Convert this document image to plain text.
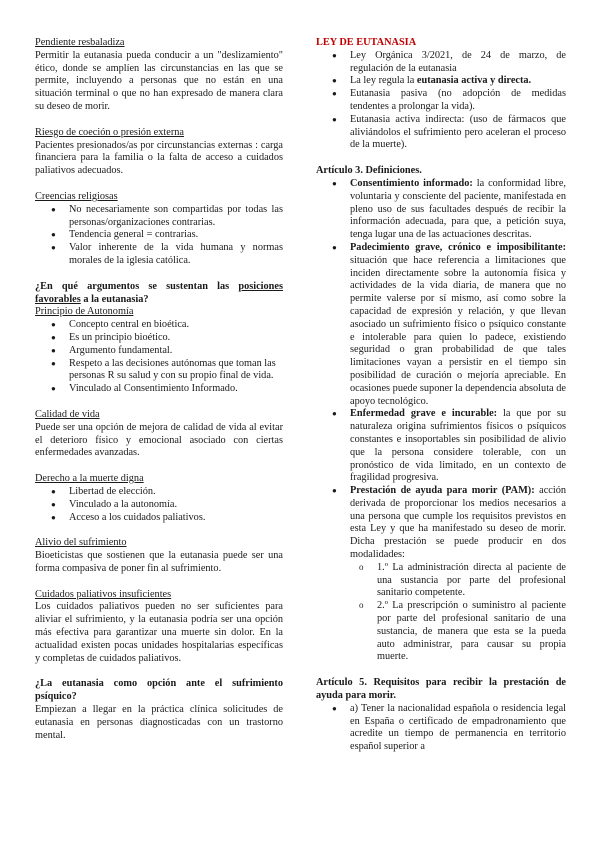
Pendiente resbaladiza

Permitir la eutanasia pueda conducir a un "deslizamiento" ético, donde se amplíen las circunstancias en las que se permite, incluyendo a personas que no están en una situación terminal o que no han expresado de manera clara su deseo de morir.

Riesgo de coeción o presión externa

Pacientes presionados/as por circunstancias externas : carga financiera para la familia o la falta de acceso a cuidados paliativos adecuados.

Creencias religiosas

● No necesariamente son compartidas por todas las personas/organizaciones contrarias.
● Tendencia general = contrarias.
● Valor inherente de la vida humana y normas morales de la iglesia católica.

¿En qué argumentos se sustentan las posiciones favorables a la eutanasia?

Principio de Autonomía

● Concepto central en bioética.
● Es un principio bioético.
● Argumento fundamental.
● Respeto a las decisiones autónomas que toman las personas R su salud y con su propio final de vida.
● Vinculado al Consentimiento Informado.

Calidad de vida

Puede ser una opción de mejora de calidad de vida al evitar el deterioro físico y emocional asociado con ciertas enfermedades avanzadas.

Derecho a la muerte digna

● Libertad de elección.
● Vinculado a la autonomía.
● Acceso a los cuidados paliativos.

Alivio del sufrimiento

Bioeticistas que sostienen que la eutanasia puede ser una forma compasiva de poner fin al sufrimiento.

Cuidados paliativos insuficientes

Los cuidados paliativos pueden no ser suficientes para aliviar el sufrimiento, y la eutanasia podría ser una opción más efectiva para garantizar una muerte sin dolor. En la actualidad existen pocas unidades hospitalarias específicas y completas de cuidados paliativos.

¿La eutanasia como opción ante el sufrimiento psíquico?

Empiezan a llegar en la práctica clínica solicitudes de eutanasia en personas diagnosticadas con un trastorno mental.

LEY DE EUTANASIA

● Ley Orgánica 3/2021, de 24 de marzo, de regulación de la eutanasia
● La ley regula la eutanasia activa y directa.
● Eutanasia pasiva (no adopción de medidas tendentes a prolongar la vida).
● Eutanasia activa indirecta: (uso de fármacos que aliviándolos el sufrimiento pero aceleran el proceso de la muerte).

Artículo 3. Definiciones.

● Consentimiento informado: la conformidad libre, voluntaria y consciente del paciente, manifestada en pleno uso de sus facultades después de recibir la información adecuada, para que, a petición suya, tenga lugar una de las actuaciones descritas.
● Padecimiento grave, crónico e imposibilitante: situación que hace referencia a limitaciones que inciden directamente sobre la autonomía física y actividades de la vida diaria, de manera que no permite valerse por sí mismo, así como sobre la capacidad de expresión y relación, y que llevan asociado un sufrimiento físico o psíquico constante e intolerable para quien lo padece, existiendo seguridad o gran probabilidad de que tales limitaciones vayan a persistir en el tiempo sin posibilidad de curación o mejoría apreciable. En ocasiones puede suponer la dependencia absoluta de apoyo tecnológico.
● Enfermedad grave e incurable: la que por su naturaleza origina sufrimientos físicos o psíquicos constantes e insoportables sin posibilidad de alivio que la persona considere tolerable, con un pronóstico de vida limitado, en un contexto de fragilidad progresiva.
● Prestación de ayuda para morir (PAM): acción derivada de proporcionar los medios necesarios a una persona que cumple los requisitos previstos en esta Ley y que ha manifestado su deseo de morir. Dicha prestación se puede producir en dos modalidades:
o 1.º La administración directa al paciente de una sustancia por parte del profesional sanitario competente.
o 2.º La prescripción o suministro al paciente por parte del profesional sanitario de una sustancia, de manera que esta se la pueda auto administrar, para causar su propia muerte.

Artículo 5. Requisitos para recibir la prestación de ayuda para morir.

● a) Tener la nacionalidad española o residencia legal en España o certificado de empadronamiento que acredite un tiempo de permanencia en territorio español superior a
